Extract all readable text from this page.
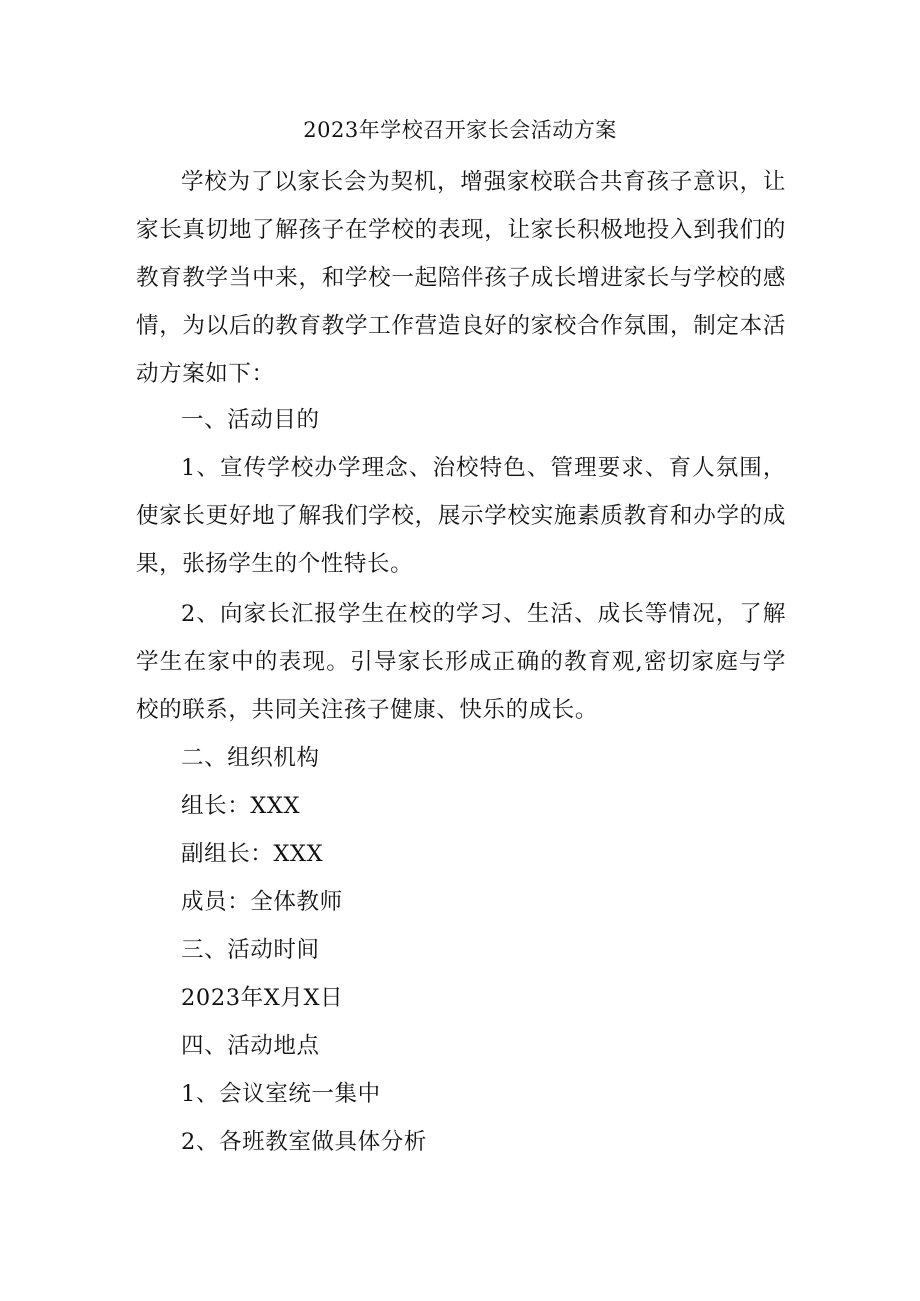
2023年学校召开家长会活动方案

学校为了以家长会为契机，增强家校联合共育孩子意识，让家长真切地了解孩子在学校的表现，让家长积极地投入到我们的教育教学当中来，和学校一起陪伴孩子成长增进家长与学校的感情，为以后的教育教学工作营造良好的家校合作氛围，制定本活动方案如下：

一、活动目的

1、宣传学校办学理念、治校特色、管理要求、育人氛围，使家长更好地了解我们学校，展示学校实施素质教育和办学的成果，张扬学生的个性特长。

2、向家长汇报学生在校的学习、生活、成长等情况，了解学生在家中的表现。引导家长形成正确的教育观,密切家庭与学校的联系，共同关注孩子健康、快乐的成长。

二、组织机构

组长：XXX

副组长：XXX

成员：全体教师

三、活动时间

2023年X月X日

四、活动地点

1、会议室统一集中

2、各班教室做具体分析
